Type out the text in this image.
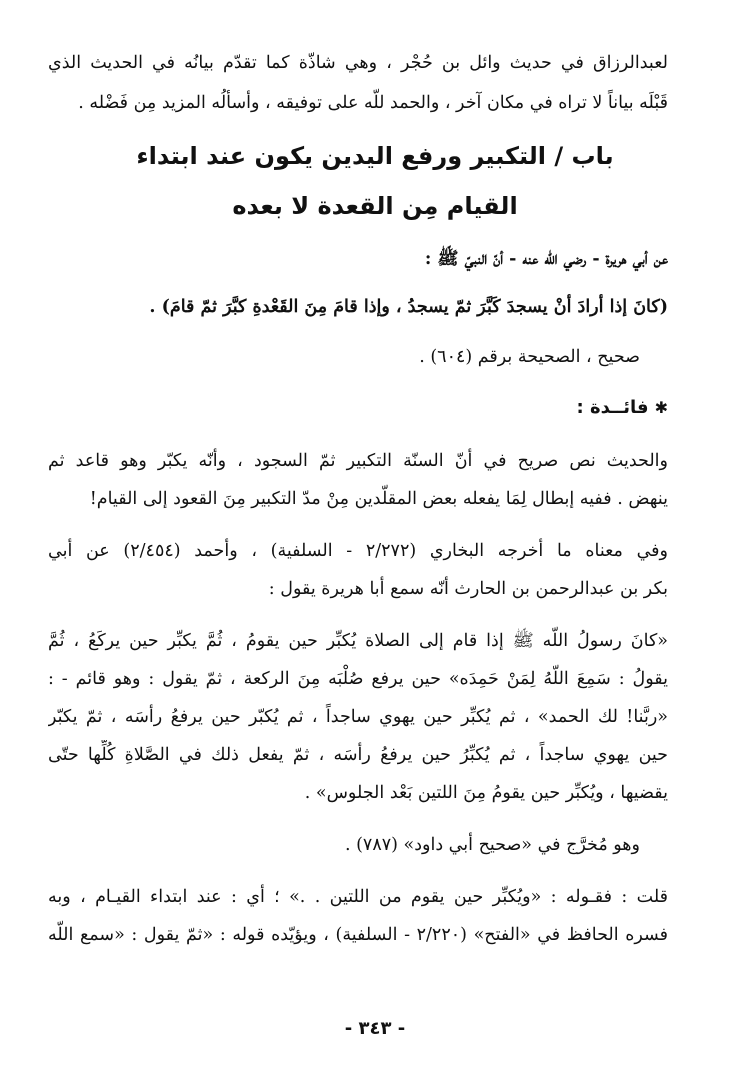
لعبدالرزاق في حديث وائل بن حُجْر ، وهي شاذّة كما تقدّم بيانُه في الحديث الذي
قَبْلَه بياناً لا تراه في مكان آخر ، والحمد للّه على توفيقه ، وأسألُه المزيد مِن فَضْله .
باب / التكبير ورفع اليدين يكون عند ابتداء
القيام مِن القعدة لا بعده
عن أبي هريرة - رضي اللّه عنه - أنّ النبيّ ﷺ :
(كانَ إذا أرادَ أنْ يسجدَ كَبَّرَ ثمّ يسجدُ ، وإذا قامَ مِنَ القَعْدةِ كبَّرَ ثمّ قامَ) .
صحيح ، الصحيحة برقم (٦٠٤) .
✱فائــدة :
والحديث نص صريح في أنّ السنّة التكبير ثمّ السجود ، وأنّه يكبّر وهو قاعد ثم
ينهض . ففيه إبطال لِمَا يفعله بعض المقلّدين مِنْ مدّ التكبير مِنَ القعود إلى القيام!
وفي معناه ما أخرجه البخاري (٢/٢٧٢ - السلفية) ، وأحمد (٢/٤٥٤) عن أبي
بكر بن عبدالرحمن بن الحارث أنّه سمع أبا هريرة يقول :
«كانَ رسولُ اللّه ﷺ إذا قام إلى الصلاة يُكبِّر حين يقومُ ، ثُمَّ يكبِّر حين يركَعُ ، ثُمَّ
يقولُ : سَمِعَ اللّهُ لِمَنْ حَمِدَه» حين يرفع صُلْبَه مِنَ الركعة ، ثمّ يقول : وهو قائم - :
«ربَّنا! لك الحمد» ، ثم يُكبِّر حين يهوي ساجداً ، ثم يُكبّر حين يرفعُ رأسَه ، ثمّ يكبّر
حين يهوي ساجداً ، ثم يُكبِّرُ حين يرفعُ رأسَه ، ثمّ يفعل ذلك في الصَّلاةِ كُلِّها حتّى
يقضيها ، ويُكبِّر حين يقومُ مِنَ اللتين بَعْد الجلوس» .
وهو مُخرَّج في «صحيح أبي داود» (٧٨٧) .
قلت : فقـوله : «ويُكبِّر حين يقوم من اللتين . .» ؛ أي : عند ابتداء القيـام ، وبه
فسره الحافظ في «الفتح» (٢/٢٢٠ - السلفية) ، ويؤيّده قوله : «ثمّ يقول : «سمع اللّه
- ٣٤٣ -
